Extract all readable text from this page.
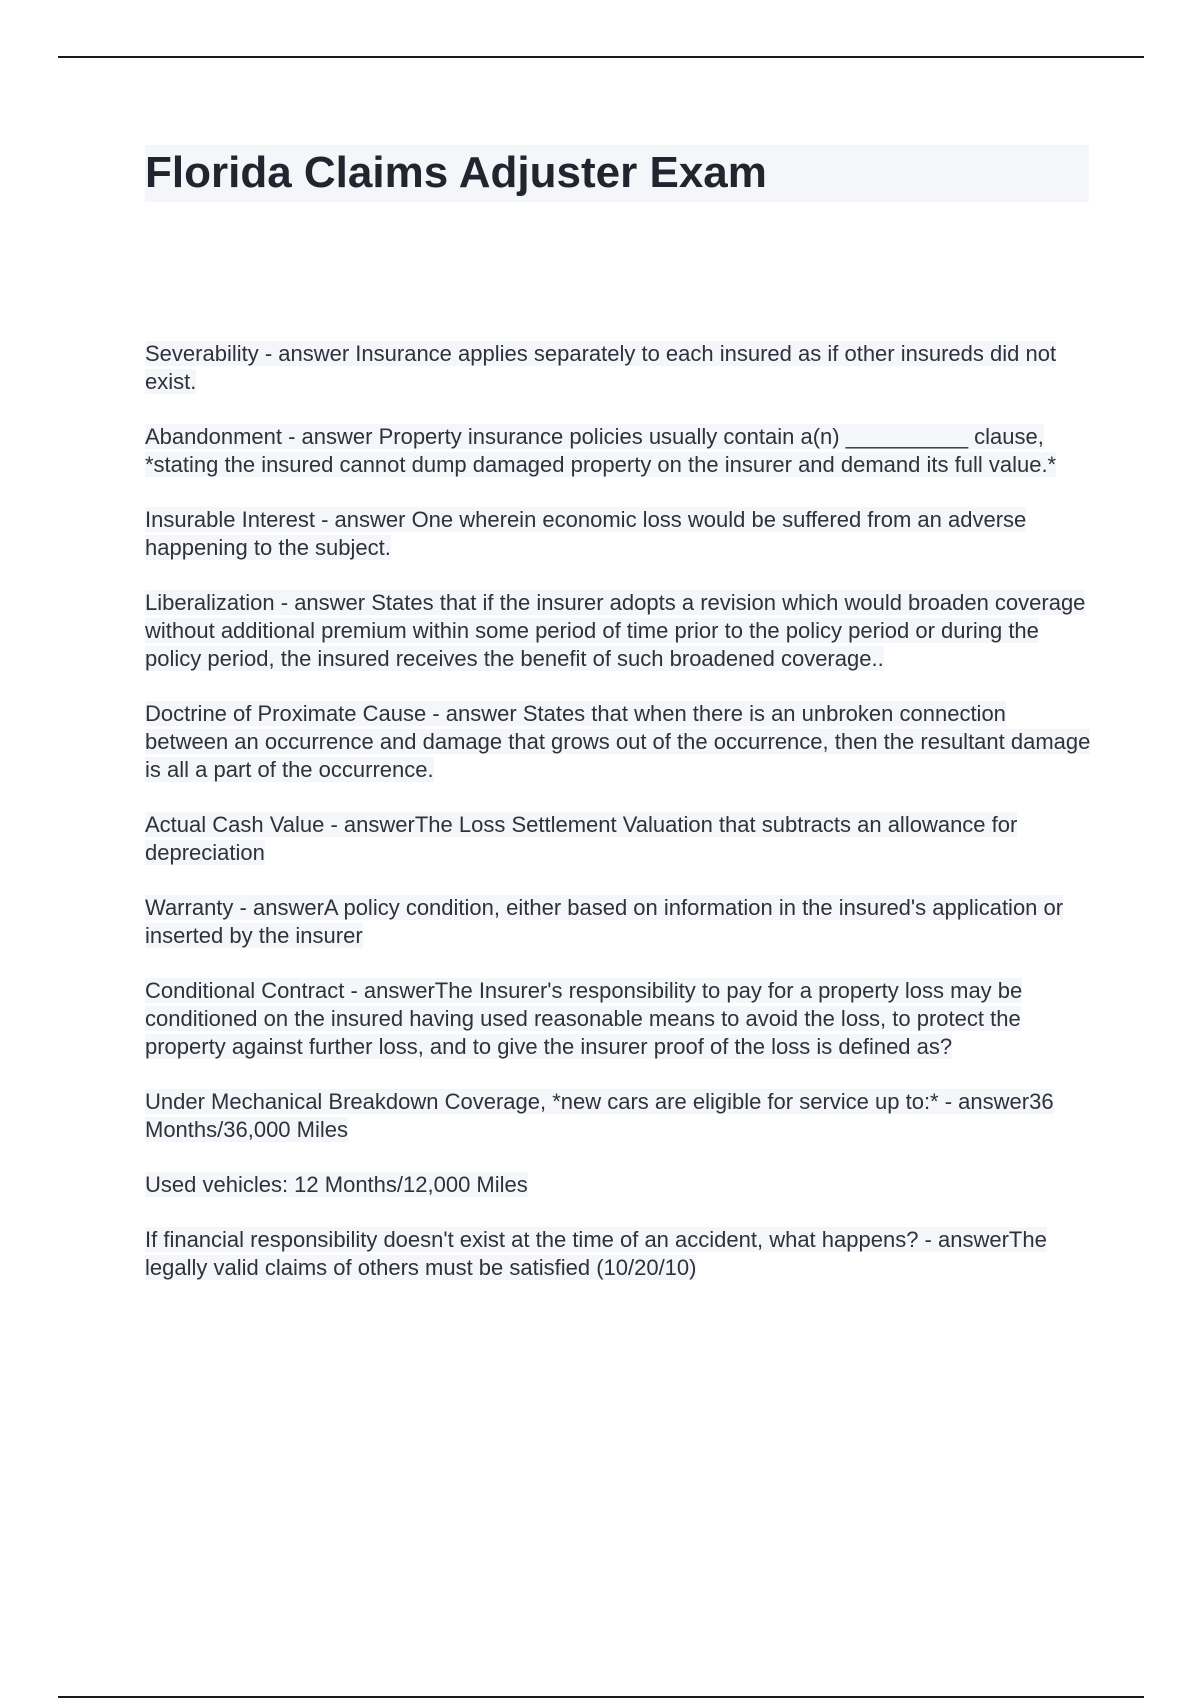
Florida Claims Adjuster Exam

Severability - answer Insurance applies separately to each insured as if other insureds did not exist.

Abandonment - answer Property insurance policies usually contain a(n) __________ clause, *stating the insured cannot dump damaged property on the insurer and demand its full value.*

Insurable Interest - answer One wherein economic loss would be suffered from an adverse happening to the subject.

Liberalization - answer States that if the insurer adopts a revision which would broaden coverage without additional premium within some period of time prior to the policy period or during the policy period, the insured receives the benefit of such broadened coverage..

Doctrine of Proximate Cause - answer States that when there is an unbroken connection between an occurrence and damage that grows out of the occurrence, then the resultant damage is all a part of the occurrence.

Actual Cash Value - answerThe Loss Settlement Valuation that subtracts an allowance for depreciation

Warranty - answerA policy condition, either based on information in the insured's application or inserted by the insurer

Conditional Contract - answerThe Insurer's responsibility to pay for a property loss may be conditioned on the insured having used reasonable means to avoid the loss, to protect the property against further loss, and to give the insurer proof of the loss is defined as?

Under Mechanical Breakdown Coverage, *new cars are eligible for service up to:* - answer36 Months/36,000 Miles

Used vehicles: 12 Months/12,000 Miles

If financial responsibility doesn't exist at the time of an accident, what happens? - answerThe legally valid claims of others must be satisfied (10/20/10)
